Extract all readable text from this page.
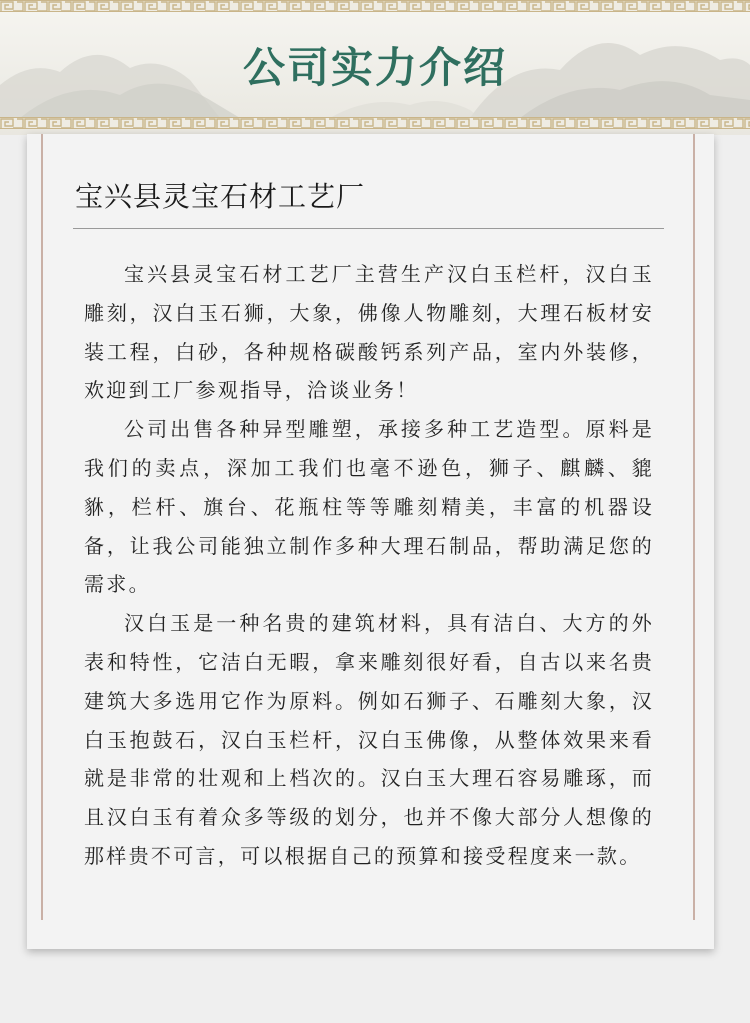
公司实力介绍
宝兴县灵宝石材工艺厂

宝兴县灵宝石材工艺厂主营生产汉白玉栏杆，汉白玉雕刻，汉白玉石狮，大象，佛像人物雕刻，大理石板材安装工程，白砂，各种规格碳酸钙系列产品，室内外装修，欢迎到工厂参观指导，洽谈业务！

公司出售各种异型雕塑，承接多种工艺造型。原料是我们的卖点，深加工我们也毫不逊色，狮子、麒麟、貔貅，栏杆、旗台、花瓶柱等等雕刻精美，丰富的机器设备，让我公司能独立制作多种大理石制品，帮助满足您的需求。

汉白玉是一种名贵的建筑材料，具有洁白、大方的外表和特性，它洁白无暇，拿来雕刻很好看，自古以来名贵建筑大多选用它作为原料。例如石狮子、石雕刻大象，汉白玉抱鼓石，汉白玉栏杆，汉白玉佛像，从整体效果来看就是非常的壮观和上档次的。汉白玉大理石容易雕琢，而且汉白玉有着众多等级的划分，也并不像大部分人想像的那样贵不可言，可以根据自己的预算和接受程度来一款。
